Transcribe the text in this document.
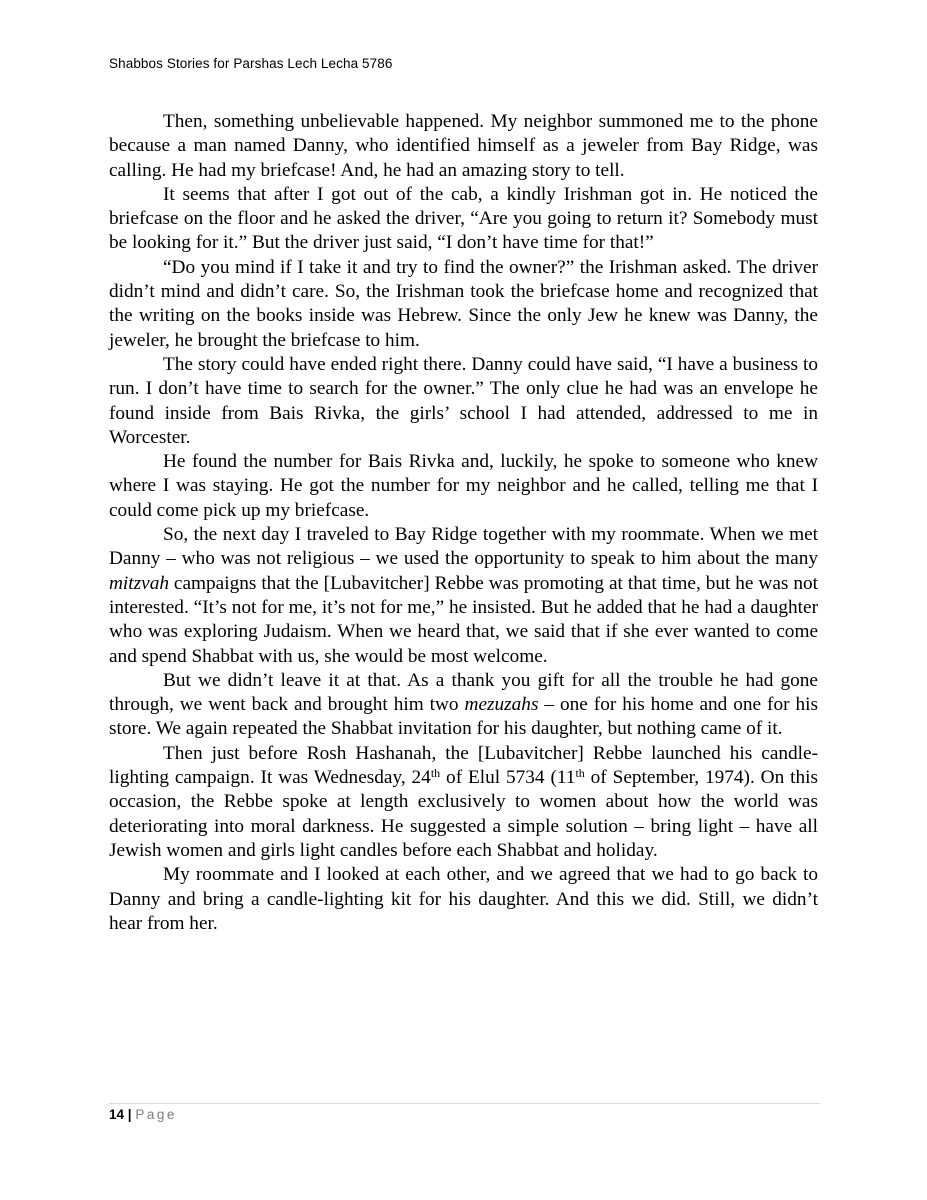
Shabbos Stories for Parshas Lech Lecha 5786

Then, something unbelievable happened. My neighbor summoned me to the phone because a man named Danny, who identified himself as a jeweler from Bay Ridge, was calling. He had my briefcase! And, he had an amazing story to tell.

It seems that after I got out of the cab, a kindly Irishman got in. He noticed the briefcase on the floor and he asked the driver, “Are you going to return it? Somebody must be looking for it.” But the driver just said, “I don’t have time for that!”

“Do you mind if I take it and try to find the owner?” the Irishman asked. The driver didn’t mind and didn’t care. So, the Irishman took the briefcase home and recognized that the writing on the books inside was Hebrew. Since the only Jew he knew was Danny, the jeweler, he brought the briefcase to him.

The story could have ended right there. Danny could have said, “I have a business to run. I don’t have time to search for the owner.” The only clue he had was an envelope he found inside from Bais Rivka, the girls’ school I had attended, addressed to me in Worcester.

He found the number for Bais Rivka and, luckily, he spoke to someone who knew where I was staying. He got the number for my neighbor and he called, telling me that I could come pick up my briefcase.

So, the next day I traveled to Bay Ridge together with my roommate. When we met Danny – who was not religious – we used the opportunity to speak to him about the many mitzvah campaigns that the [Lubavitcher] Rebbe was promoting at that time, but he was not interested. “It’s not for me, it’s not for me,” he insisted. But he added that he had a daughter who was exploring Judaism. When we heard that, we said that if she ever wanted to come and spend Shabbat with us, she would be most welcome.

But we didn’t leave it at that. As a thank you gift for all the trouble he had gone through, we went back and brought him two mezuzahs – one for his home and one for his store. We again repeated the Shabbat invitation for his daughter, but nothing came of it.

Then just before Rosh Hashanah, the [Lubavitcher] Rebbe launched his candle-lighting campaign. It was Wednesday, 24th of Elul 5734 (11th of September, 1974). On this occasion, the Rebbe spoke at length exclusively to women about how the world was deteriorating into moral darkness. He suggested a simple solution – bring light – have all Jewish women and girls light candles before each Shabbat and holiday.

My roommate and I looked at each other, and we agreed that we had to go back to Danny and bring a candle-lighting kit for his daughter. And this we did. Still, we didn’t hear from her.

14 | Page
